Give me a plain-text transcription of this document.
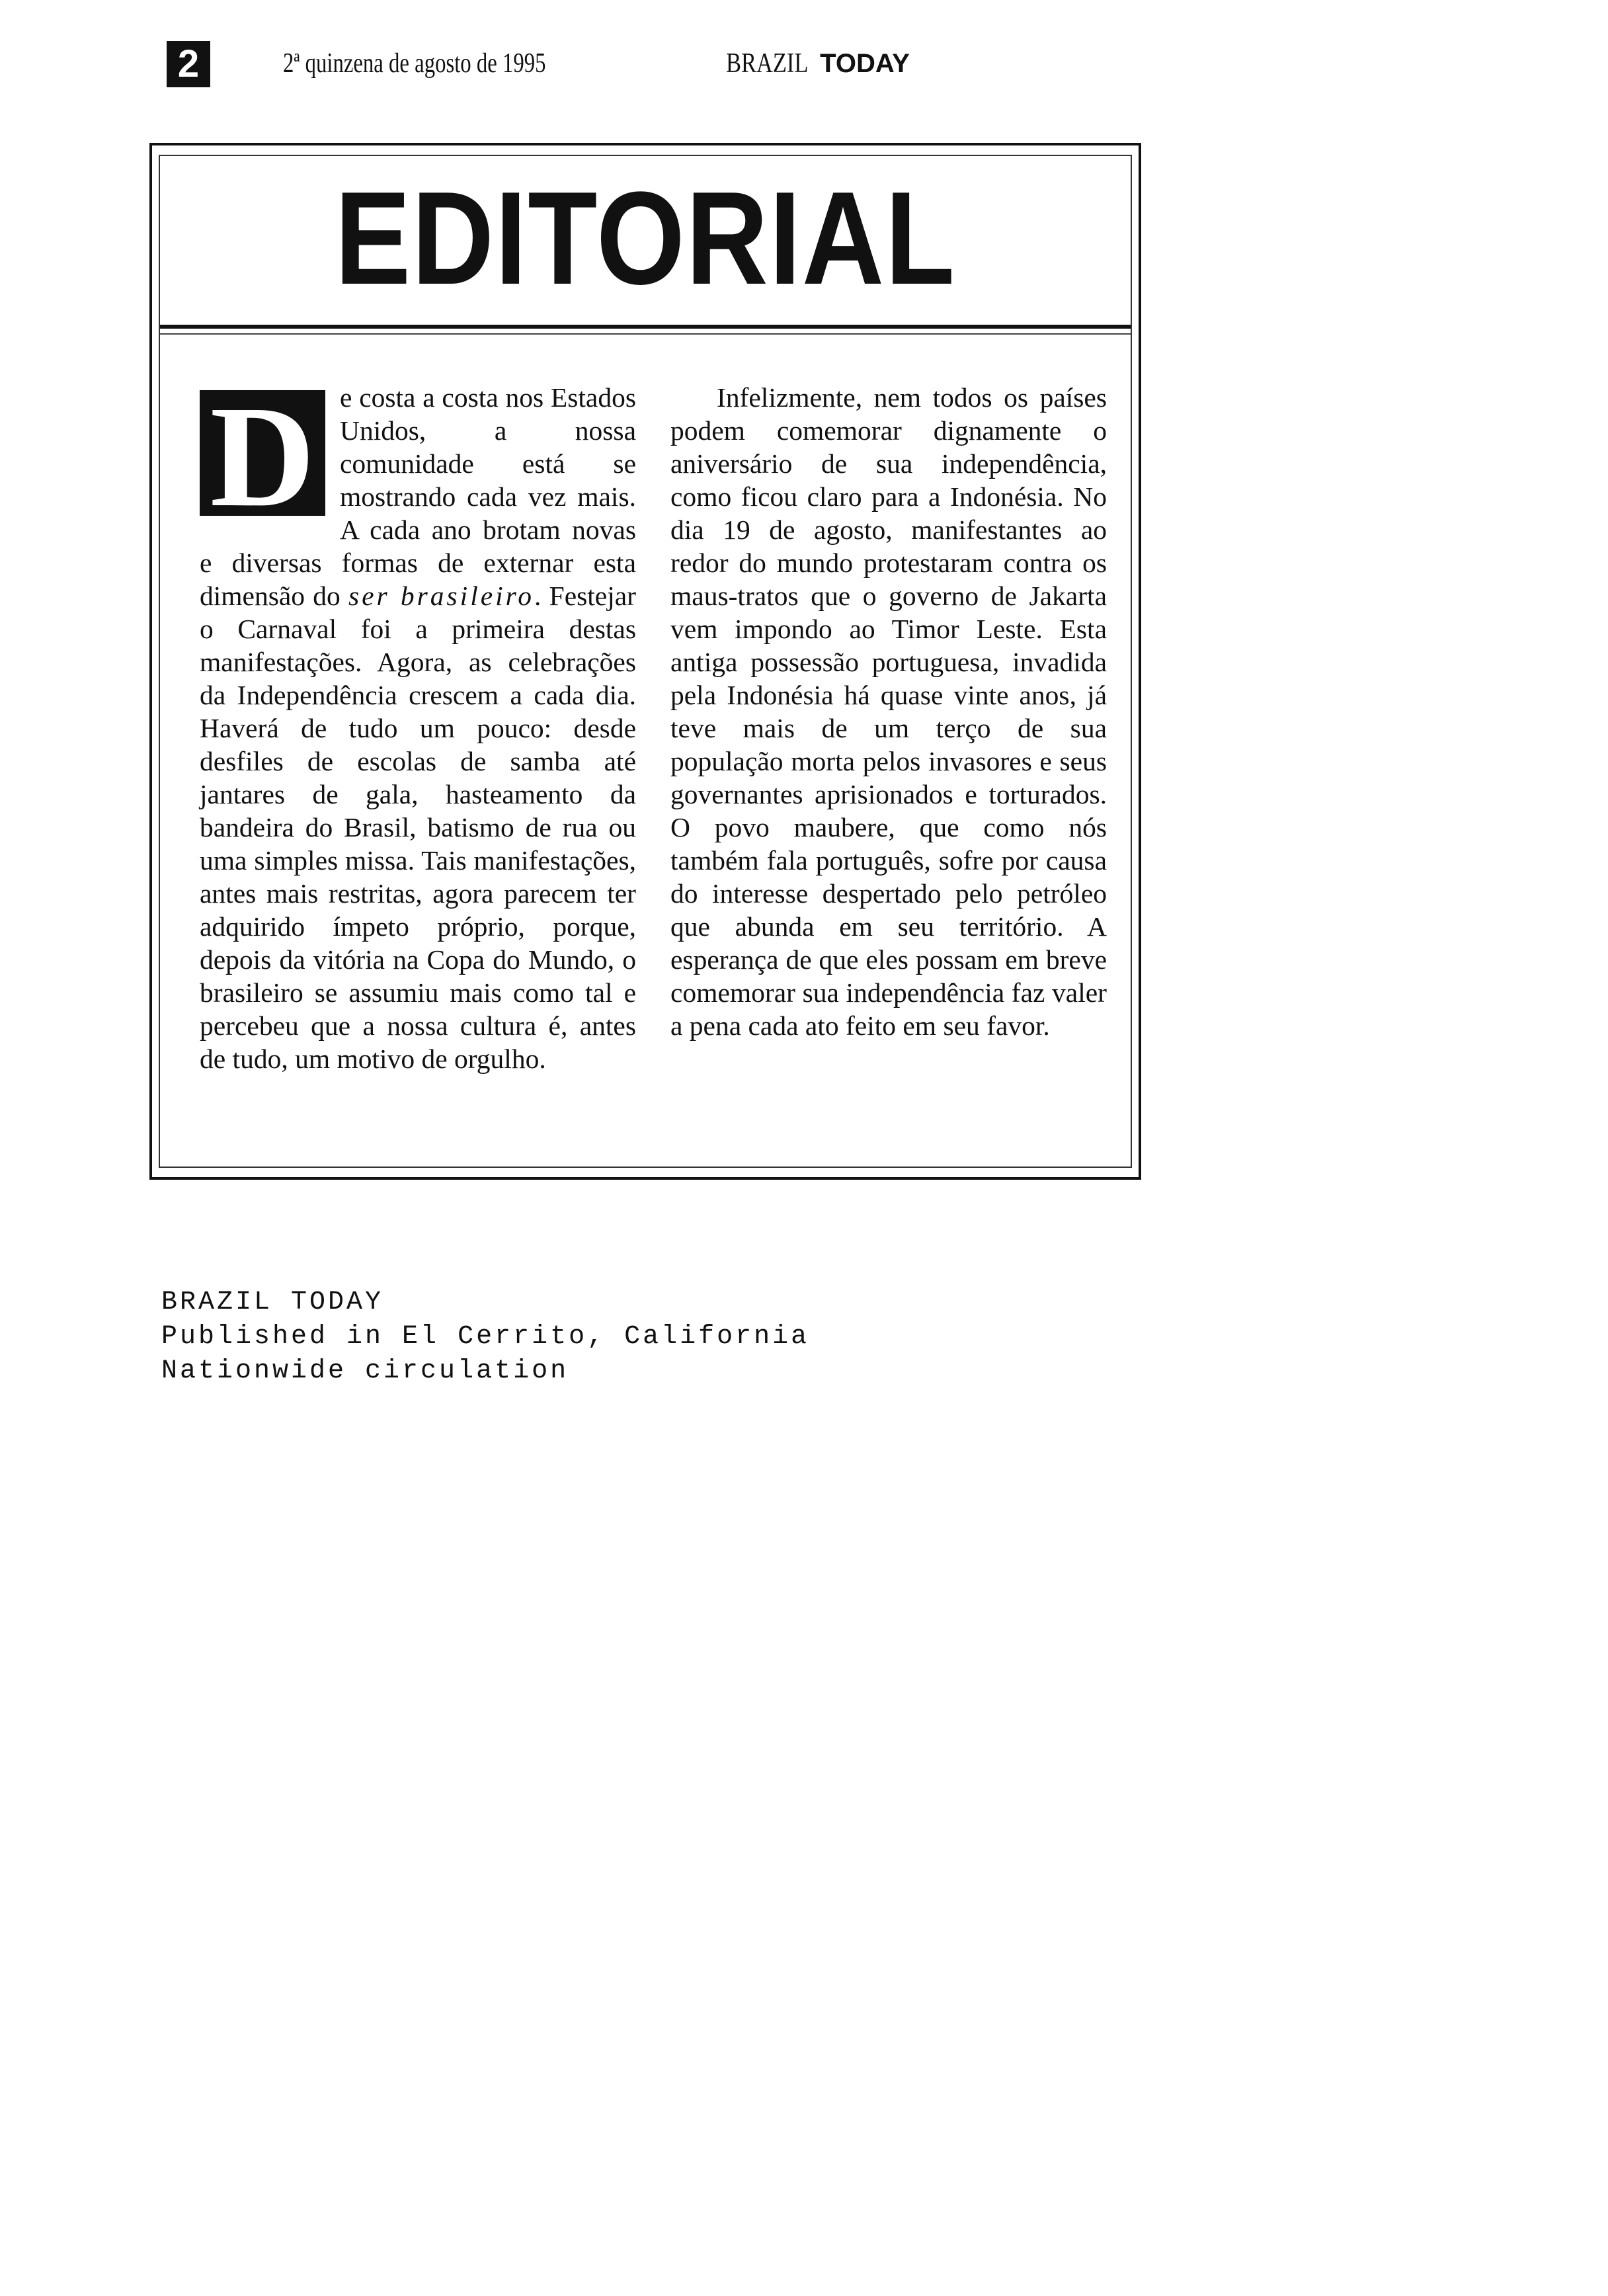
2	2ª quinzena de agosto de 1995	BRAZIL TODAY
EDITORIAL
D e costa a costa nos Estados Unidos, a nossa comunidade está se mostrando cada vez mais. A cada ano brotam novas e diversas formas de externar esta dimensão do ser brasileiro. Festejar o Carnaval foi a primeira destas manifestações. Agora, as celebrações da Independência crescem a cada dia. Haverá de tudo um pouco: desde desfiles de escolas de samba até jantares de gala, hasteamento da bandeira do Brasil, batismo de rua ou uma simples missa. Tais manifestações, antes mais restritas, agora parecem ter adquirido ímpeto próprio, porque, depois da vitória na Copa do Mundo, o brasileiro se assumiu mais como tal e percebeu que a nossa cultura é, antes de tudo, um motivo de orgulho.

Infelizmente, nem todos os países podem comemorar dignamente o aniversário de sua independência, como ficou claro para a Indonésia. No dia 19 de agosto, manifestantes ao redor do mundo protestaram contra os maus-tratos que o governo de Jakarta vem impondo ao Timor Leste. Esta antiga possessão portuguesa, invadida pela Indonésia há quase vinte anos, já teve mais de um terço de sua população morta pelos invasores e seus governantes aprisionados e torturados. O povo maubere, que como nós também fala português, sofre por causa do interesse despertado pelo petróleo que abunda em seu território. A esperança de que eles possam em breve comemorar sua independência faz valer a pena cada ato feito em seu favor.

BRAZIL TODAY
Published in El Cerrito, California
Nationwide circulation
